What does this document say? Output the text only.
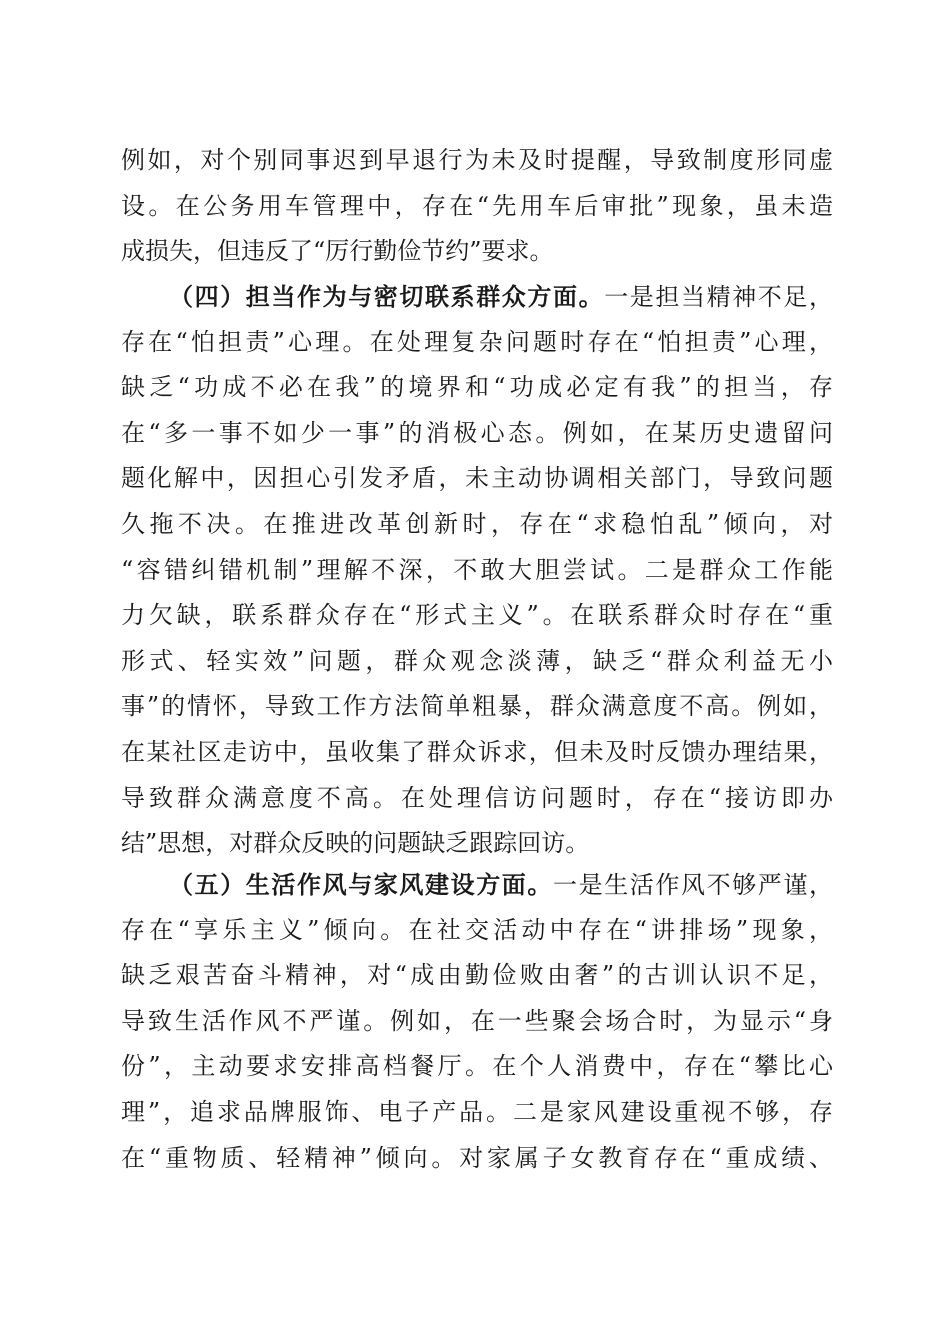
例如，对个别同事迟到早退行为未及时提醒，导致制度形同虚
设。在公务用车管理中，存在“先用车后审批”现象，虽未造
成损失，但违反了“厉行勤俭节约”要求。
（四）担当作为与密切联系群众方面。一是担当精神不足，
存在“怕担责”心理。在处理复杂问题时存在“怕担责”心理，
缺乏“功成不必在我”的境界和“功成必定有我”的担当，存
在“多一事不如少一事”的消极心态。例如，在某历史遗留问
题化解中，因担心引发矛盾，未主动协调相关部门，导致问题
久拖不决。在推进改革创新时，存在“求稳怕乱”倾向，对
“容错纠错机制”理解不深，不敢大胆尝试。二是群众工作能
力欠缺，联系群众存在“形式主义”。在联系群众时存在“重
形式、轻实效”问题，群众观念淡薄，缺乏“群众利益无小
事”的情怀，导致工作方法简单粗暴，群众满意度不高。例如，
在某社区走访中，虽收集了群众诉求，但未及时反馈办理结果，
导致群众满意度不高。在处理信访问题时，存在“接访即办
结”思想，对群众反映的问题缺乏跟踪回访。
（五）生活作风与家风建设方面。一是生活作风不够严谨，
存在“享乐主义”倾向。在社交活动中存在“讲排场”现象，
缺乏艰苦奋斗精神，对“成由勤俭败由奢”的古训认识不足，
导致生活作风不严谨。例如，在一些聚会场合时，为显示“身
份”，主动要求安排高档餐厅。在个人消费中，存在“攀比心
理”，追求品牌服饰、电子产品。二是家风建设重视不够，存
在“重物质、轻精神”倾向。对家属子女教育存在“重成绩、
